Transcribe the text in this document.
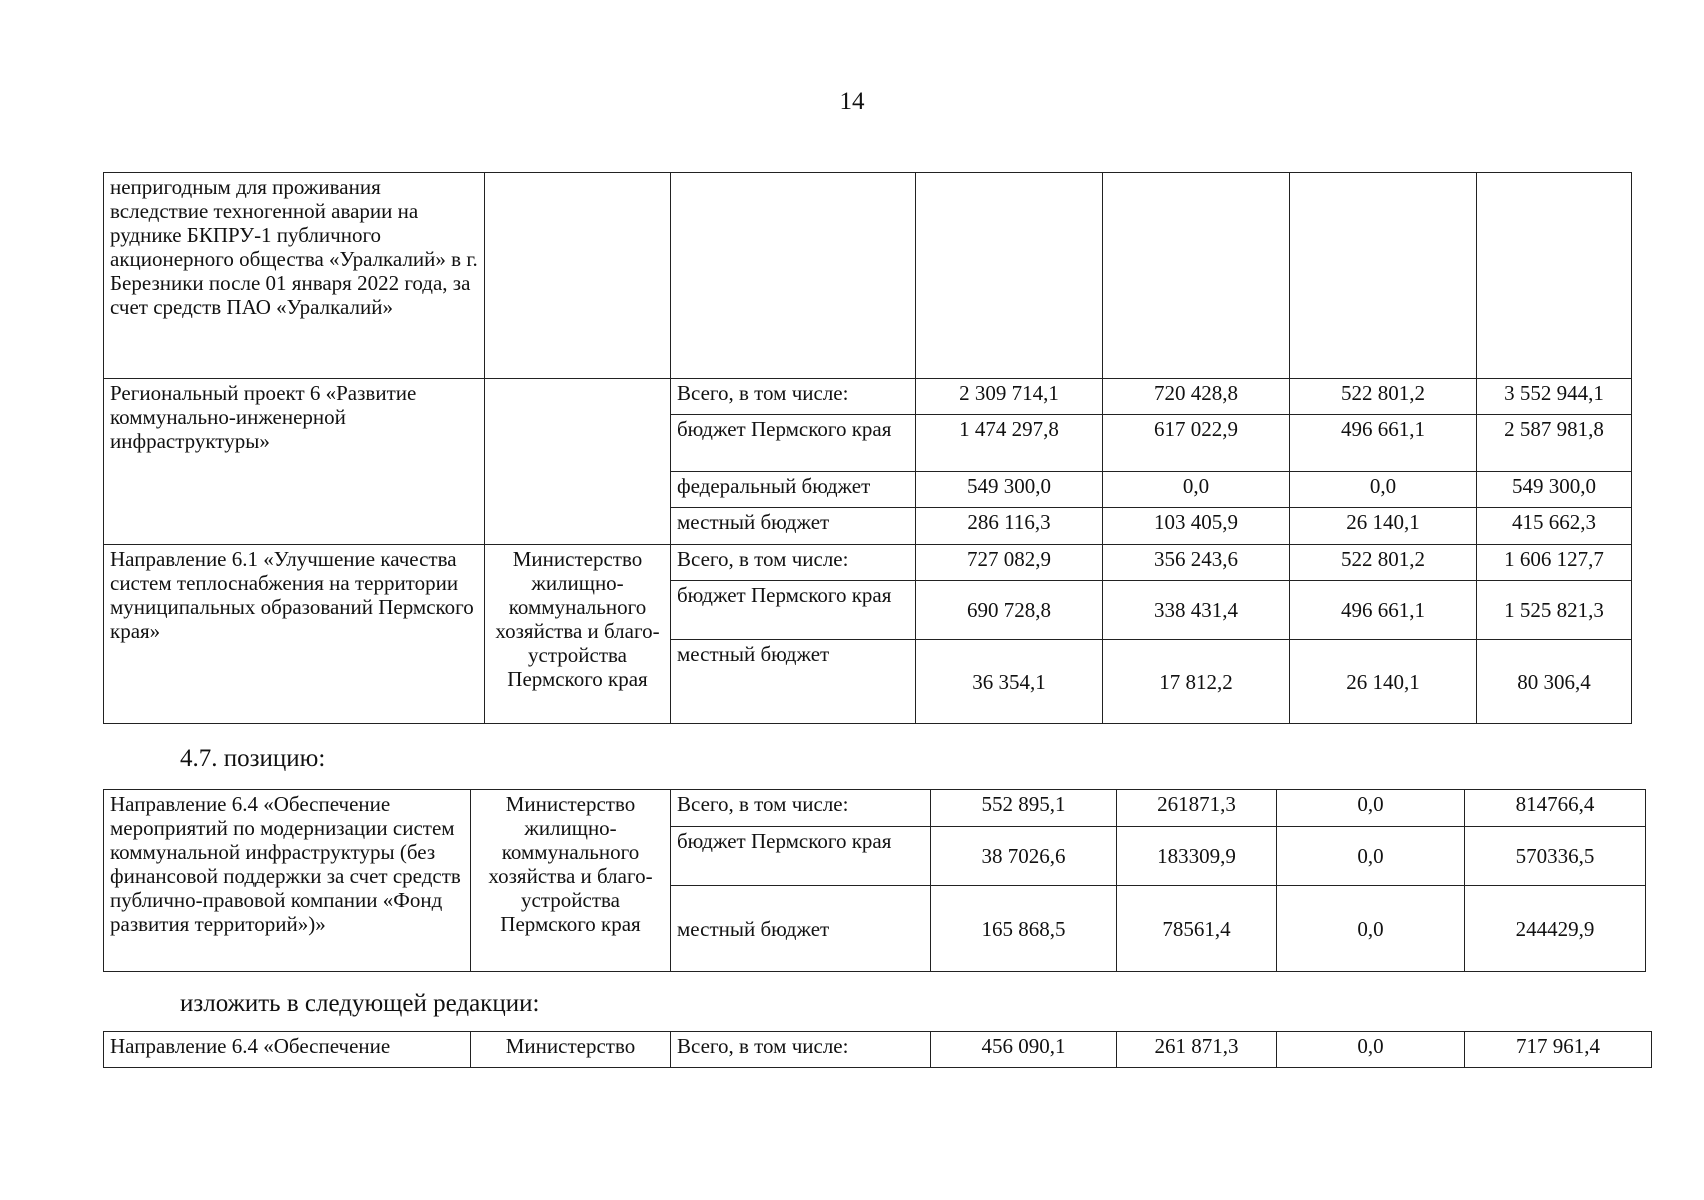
14
непригодным для проживания вследствие техногенной аварии на руднике БКПРУ-1 публичного акционерного общества «Уралкалий» в г. Березники после 01 января 2022 года, за счет средств ПАО «Уралкалий»						
Региональный проект 6 «Развитие коммунально-инженерной инфраструктуры»		Всего, в том числе:	2 309 714,1	720 428,8	522 801,2	3 552 944,1
		бюджет Пермского края	1 474 297,8	617 022,9	496 661,1	2 587 981,8
		федеральный бюджет	549 300,0	0,0	0,0	549 300,0
		местный бюджет	286 116,3	103 405,9	26 140,1	415 662,3
Направление 6.1 «Улучшение качества систем теплоснабжения на территории муниципальных образований Пермского края»	Министерство жилищно-коммунального хозяйства и благо-устройства Пермского края	Всего, в том числе:	727 082,9	356 243,6	522 801,2	1 606 127,7
		бюджет Пермского края	690 728,8	338 431,4	496 661,1	1 525 821,3
		местный бюджет	36 354,1	17 812,2	26 140,1	80 306,4
4.7. позицию:
Направление 6.4 «Обеспечение мероприятий по модернизации систем коммунальной инфраструктуры (без финансовой поддержки за счет средств публично-правовой компании «Фонд развития территорий»)»	Министерство жилищно-коммунального хозяйства и благо-устройства Пермского края	Всего, в том числе:	552 895,1	261871,3	0,0	814766,4
		бюджет Пермского края	38 7026,6	183309,9	0,0	570336,5
		местный бюджет	165 868,5	78561,4	0,0	244429,9
изложить в следующей редакции:
Направление 6.4 «Обеспечение	Министерство	Всего, в том числе:	456 090,1	261 871,3	0,0	717 961,4
